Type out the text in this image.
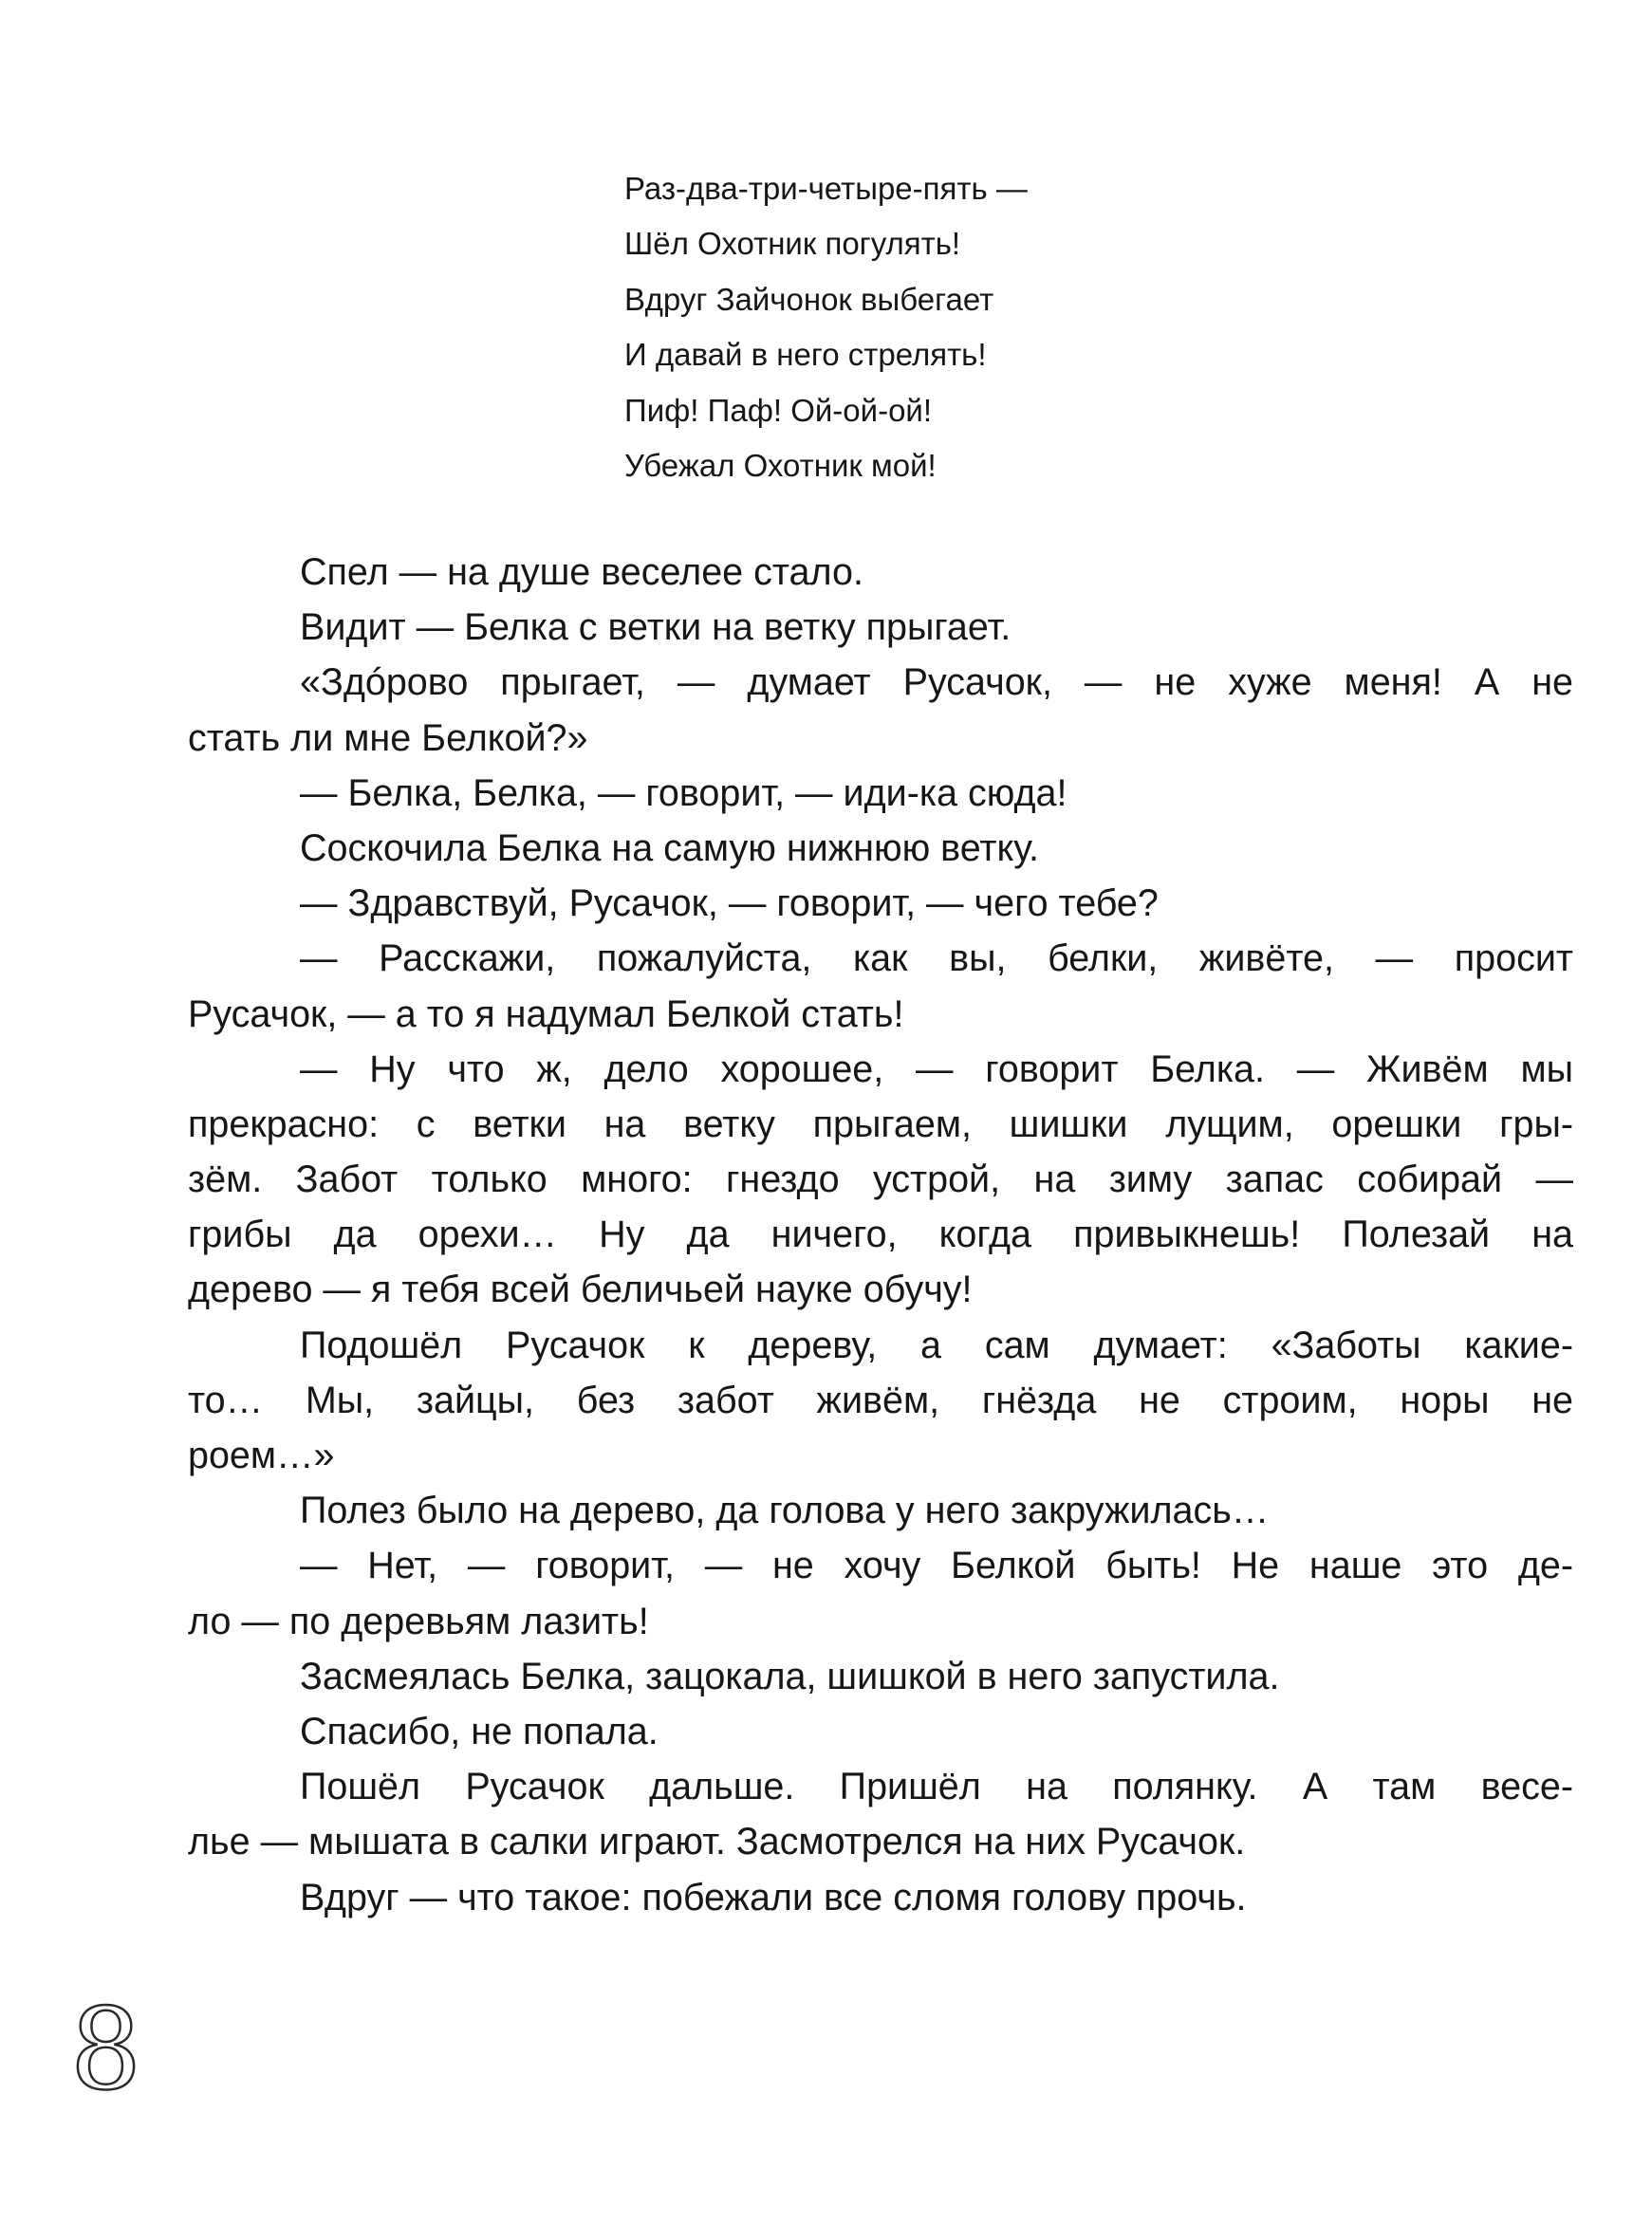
Раз-два-три-четыре-пять —
Шёл Охотник погулять!
Вдруг Зайчонок выбегает
И давай в него стрелять!
Пиф! Паф! Ой-ой-ой!
Убежал Охотник мой!
Спел — на душе веселее стало.
Видит — Белка с ветки на ветку прыгает.
«Здóрово прыгает, — думает Русачок, — не хуже меня! А не
стать ли мне Белкой?»
— Белка, Белка, — говорит, — иди-ка сюда!
Соскочила Белка на самую нижнюю ветку.
— Здравствуй, Русачок, — говорит, — чего тебе?
— Расскажи, пожалуйста, как вы, белки, живёте, — просит
Русачок, — а то я надумал Белкой стать!
— Ну что ж, дело хорошее, — говорит Белка. — Живём мы
прекрасно: с ветки на ветку прыгаем, шишки лущим, орешки гры-
зём. Забот только много: гнездо устрой, на зиму запас собирай —
грибы да орехи… Ну да ничего, когда привыкнешь! Полезай на
дерево — я тебя всей беличьей науке обучу!
Подошёл Русачок к дереву, а сам думает: «Заботы какие-
то… Мы, зайцы, без забот живём, гнёзда не строим, норы не
роем…»
Полез было на дерево, да голова у него закружилась…
— Нет, — говорит, — не хочу Белкой быть! Не наше это де-
ло — по деревьям лазить!
Засмеялась Белка, зацокала, шишкой в него запустила.
Спасибо, не попала.
Пошёл Русачок дальше. Пришёл на полянку. А там весе-
лье — мышата в салки играют. Засмотрелся на них Русачок.
Вдруг — что такое: побежали все сломя голову прочь.
8
